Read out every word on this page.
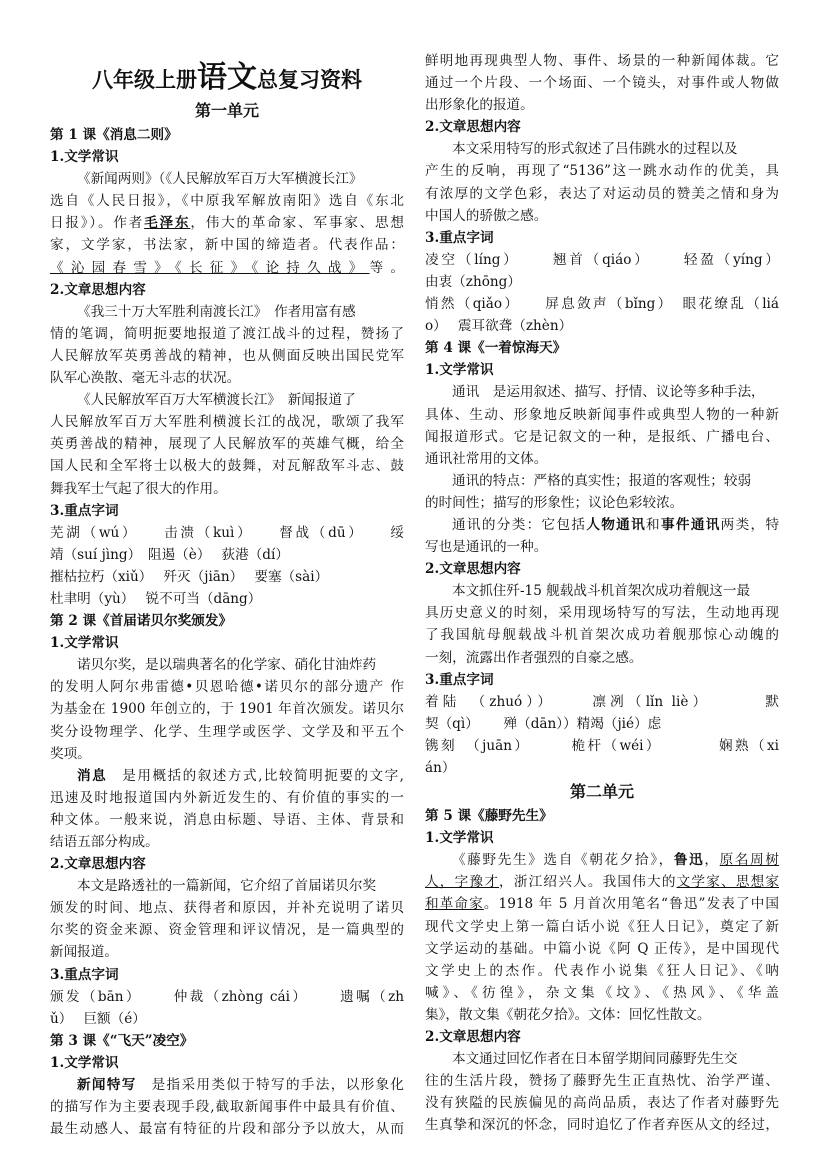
八年级上册语文总复习资料
第一单元
第 1 课《消息二则》
1.文学常识
《新闻两则》（《人民解放军百万大军横渡长江》
选自《人民日报》，《中原我军解放南阳》选自《东北
日报》）。作者毛泽东，伟大的革命家、军事家、思想
家，文学家，书法家，新中国的缔造者。代表作品：
《沁园春雪》《长征》《论持久战》等。
2.文章思想内容
《我三十万大军胜利南渡长江》　作者用富有感
情的笔调，简明扼要地报道了渡江战斗的过程，赞扬了
人民解放军英勇善战的精神，也从侧面反映出国民党军
队军心涣散、毫无斗志的状况。
《人民解放军百万大军横渡长江》　新闻报道了
人民解放军百万大军胜利横渡长江的战况，歌颂了我军
英勇善战的精神，展现了人民解放军的英雄气概，给全
国人民和全军将士以极大的鼓舞，对瓦解敌军斗志、鼓
舞我军士气起了很大的作用。
3.重点字词
芜湖（wú）　　击溃（kuì）　　督战（dū）　　绥
靖（suí jìng）　阻遏（è）　 荻港（dí）
摧枯拉朽（xiǔ）　 歼灭（jiān）　 要塞（sài）
杜聿明（yù）　 锐不可当（dāng）
第 2 课《首届诺贝尔奖颁发》
1.文学常识
诺贝尔奖，是以瑞典著名的化学家、硝化甘油炸药
的发明人阿尔弗雷德•贝恩哈德•诺贝尔的部分遗产 作
为基金在 1900 年创立的，于 1901 年首次颁发。诺贝尔
奖分设物理学、化学、生理学或医学、文学及和平五个
奖项。
消息　是用概括的叙述方式,比较简明扼要的文字,
迅速及时地报道国内外新近发生的、有价值的事实的一
种文体。一般来说，消息由标题、导语、主体、背景和
结语五部分构成。
2.文章思想内容
本文是路透社的一篇新闻，它介绍了首届诺贝尔奖
颁发的时间、地点、获得者和原因，并补充说明了诺贝
尔奖的资金来源、资金管理和评议情况，是一篇典型的
新闻报道。
3.重点字词
颁发（bān）　　 仲裁（zhòng cái）　　 遗嘱（zh
ǔ）　 巨额（é）
第 3 课《“飞天”凌空》
1.文学常识
新闻特写　是指采用类似于特写的手法，以形象化
的描写作为主要表现手段,截取新闻事件中最具有价值、
最生动感人、最富有特征的片段和部分予以放大，从而
鲜明地再现典型人物、事件、场景的一种新闻体裁。它
通过一个片段、一个场面、一个镜头，对事件或人物做
出形象化的报道。
2.文章思想内容
本文采用特写的形式叙述了吕伟跳水的过程以及
产生的反响，再现了“5136”这一跳水动作的优美，具
有浓厚的文学色彩，表达了对运动员的赞美之情和身为
中国人的骄傲之感。
3.重点字词
凌空（líng）　　 翘首（qiáo）　　 轻盈（yíng）
由衷（zhōng）
悄然（qiǎo）　　屏息敛声（bǐng）　眼花缭乱（liá
o）　 震耳欲聋（zhèn）
第 4 课《一着惊海天》
1.文学常识
通讯　是运用叙述、描写、抒情、议论等多种手法，
具体、生动、形象地反映新闻事件或典型人物的一种新
闻报道形式。它是记叙文的一种，是报纸、广播电台、
通讯社常用的文体。
通讯的特点：严格的真实性；报道的客观性；较弱
的时间性；描写的形象性；议论色彩较浓。
通讯的分类：它包括人物通讯和事件通讯两类，特
写也是通讯的一种。
2.文章思想内容
本文抓住歼-15 舰载战斗机首架次成功着舰这一最
具历史意义的时刻，采用现场特写的写法，生动地再现
了我国航母舰载战斗机首架次成功着舰那惊心动魄的
一刻，流露出作者强烈的自豪之感。
3.重点字词
着陆　（zhuó））　　 凛冽（lǐn liè）　　　 默
契（qì）　　 殚（dān））精竭（jié）虑
镌刻　（juān）　　　桅杆（wéi）　　　　娴熟（xi
án）
第二单元
第 5 课《藤野先生》
1.文学常识
《藤野先生》选自《朝花夕拾》，鲁迅，原名周树
人，字豫才，浙江绍兴人。我国伟大的文学家、思想家
和革命家。1918 年 5 月首次用笔名“鲁迅”发表了中国
现代文学史上第一篇白话小说《狂人日记》，奠定了新
文学运动的基础。中篇小说《阿 Q 正传》，是中国现代
文学史上的杰作。代表作小说集《狂人日记》、《呐
喊》、《彷徨》，杂文集《坟》、《热风》、《华盖
集》，散文集《朝花夕拾》。文体：回忆性散文。
2.文章思想内容
本文通过回忆作者在日本留学期间同藤野先生交
往的生活片段，赞扬了藤野先生正直热忱、治学严谨、
没有狭隘的民族偏见的高尚品质，表达了作者对藤野先
生真挚和深沉的怀念，同时追忆了作者弃医从文的经过，
